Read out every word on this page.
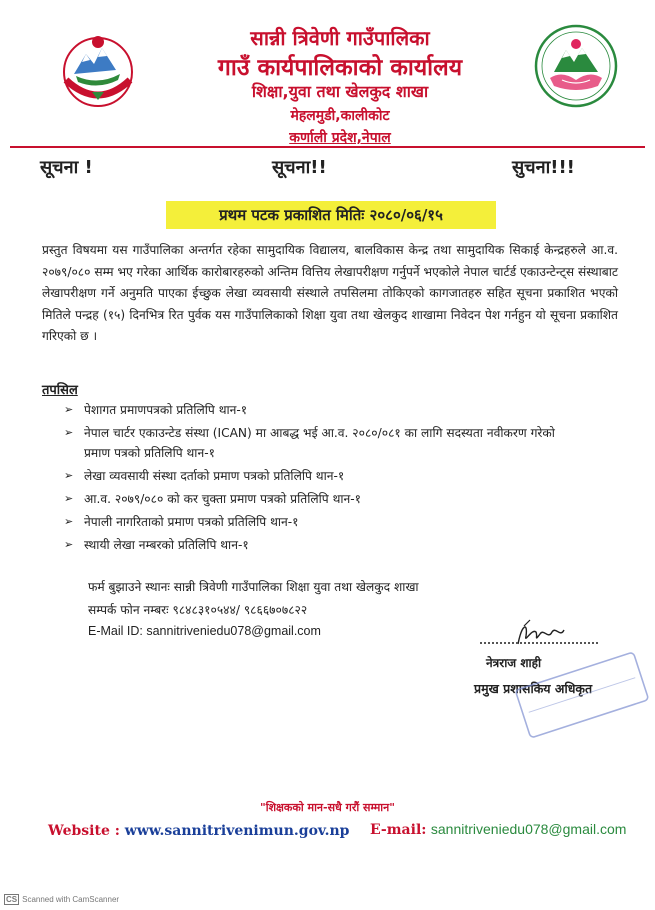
सान्नी त्रिवेणी गाउँपालिका
गाउँ कार्यपालिकाको कार्यालय
शिक्षा,युवा तथा खेलकुद शाखा
मेहलमुडी,कालीकोट
कर्णाली प्रदेश,नेपाल
सूचना !	सूचना!!	सुचना!!!
प्रथम पटक प्रकाशित मितिः २०८०/०६/१५
प्रस्तुत विषयमा यस गाउँपालिका अन्तर्गत रहेका सामुदायिक विद्यालय, बालविकास केन्द्र तथा सामुदायिक सिकाई केन्द्रहरुले आ.व. २०७९/०८० सम्म भए गरेका आर्थिक कारोबारहरुको अन्तिम वित्तिय लेखापरीक्षण गर्नुपर्ने भएकोले नेपाल चार्टर्ड एकाउन्टेन्ट्स संस्थाबाट लेखापरीक्षण गर्ने अनुमति पाएका ईच्छुक लेखा व्यवसायी संस्थाले तपसिलमा तोकिएको कागजातहरु सहित सूचना प्रकाशित भएको मितिले पन्द्रह (१५) दिनभित्र रित पुर्वक यस गाउँपालिकाको शिक्षा युवा तथा खेलकुद शाखामा निवेदन पेश गर्नहुन यो सूचना प्रकाशित गरिएको छ ।
तपसिल
➢ पेशागत प्रमाणपत्रको प्रतिलिपि थान-१
➢ नेपाल चार्टर एकाउन्टेड संस्था (ICAN) मा आबद्ध भई आ.व. २०८०/०८१ का लागि सदस्यता नवीकरण गरेको प्रमाण पत्रको प्रतिलिपि थान-१
➢ लेखा व्यवसायी संस्था दर्ताको प्रमाण पत्रको प्रतिलिपि थान-१
➢ आ.व. २०७९/०८० को कर चुक्ता प्रमाण पत्रको प्रतिलिपि थान-१
➢ नेपाली नागरिताको प्रमाण पत्रको प्रतिलिपि थान-१
➢ स्थायी लेखा नम्बरको प्रतिलिपि थान-१
फर्म बुझाउने स्थानः सान्नी त्रिवेणी गाउँपालिका शिक्षा युवा तथा खेलकुद शाखा
सम्पर्क फोन नम्बरः ९८४८३१०५४४/ ९८६६७०७८२२
E-Mail ID: sannitriveniedu078@gmail.com
नेत्रराज शाही
प्रमुख प्रशासकिय अधिकृत
"शिक्षकको मान-सधै गरौं सम्मान"
Website : www.sannitrivenimun.gov.np E-mail: sannitriveniedu078@gmail.com
CS Scanned with CamScanner
